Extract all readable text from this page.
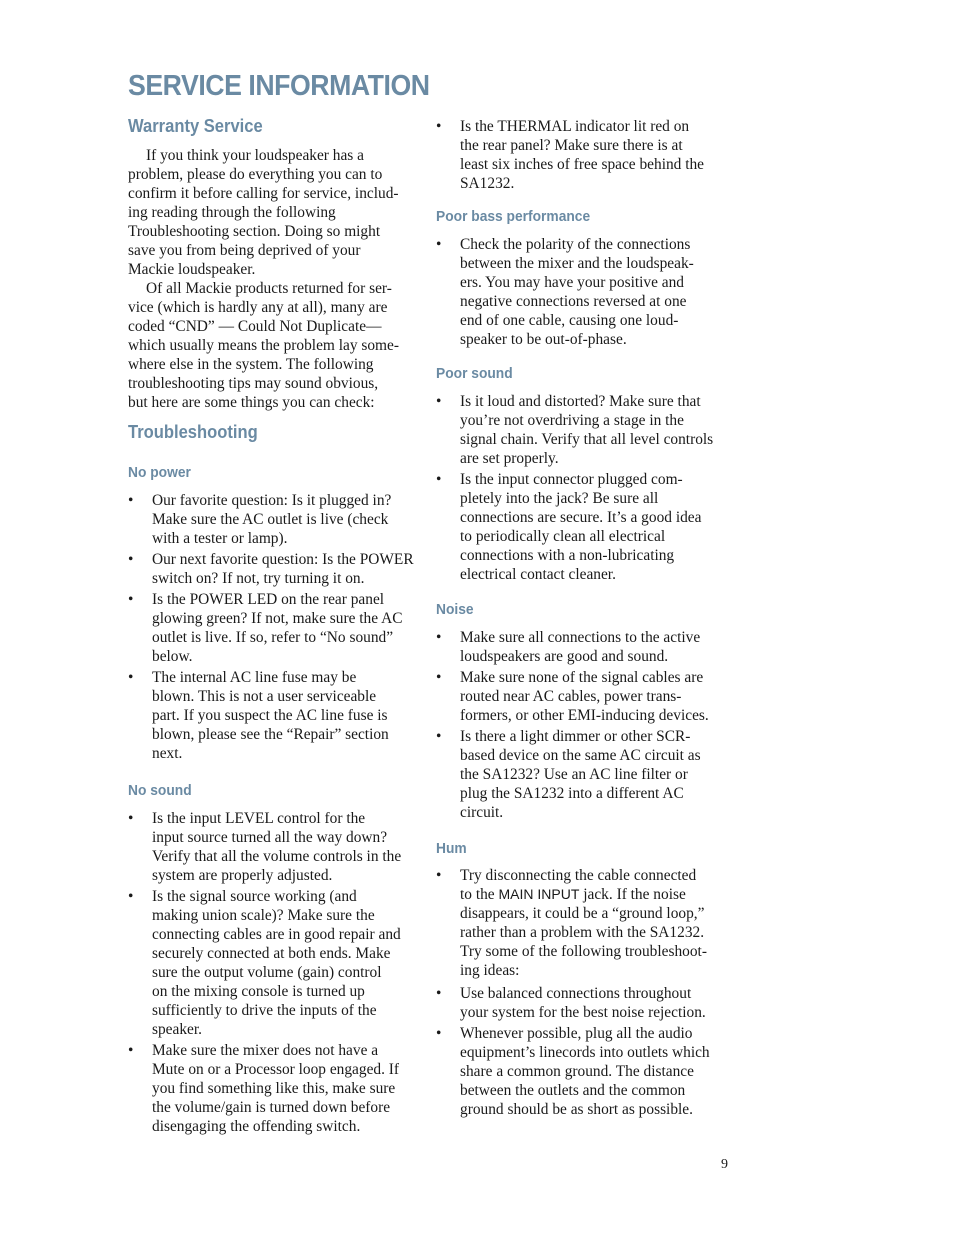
SERVICE INFORMATION
Warranty Service

If you think your loudspeaker has a
problem, please do everything you can to
confirm it before calling for service, includ-
ing reading through the following
Troubleshooting section. Doing so might
save you from being deprived of your
Mackie loudspeaker.

Of all Mackie products returned for ser-
vice (which is hardly any at all), many are
coded “CND” — Could Not Duplicate—
which usually means the problem lay some-
where else in the system. The following
troubleshooting tips may sound obvious,
but here are some things you can check:

Troubleshooting
No power
• Our favorite question: Is it plugged in?
Make sure the AC outlet is live (check
with a tester or lamp).
• Our next favorite question: Is the POWER
switch on? If not, try turning it on.
• Is the POWER LED on the rear panel
glowing green? If not, make sure the AC
outlet is live. If so, refer to “No sound”
below.
• The internal AC line fuse may be
blown. This is not a user serviceable
part. If you suspect the AC line fuse is
blown, please see the “Repair” section
next.
No sound
• Is the input LEVEL control for the
input source turned all the way down?
Verify that all the volume controls in the
system are properly adjusted.
• Is the signal source working (and
making union scale)? Make sure the
connecting cables are in good repair and
securely connected at both ends. Make
sure the output volume (gain) control
on the mixing console is turned up
sufficiently to drive the inputs of the
speaker.
• Make sure the mixer does not have a
Mute on or a Processor loop engaged. If
you find something like this, make sure
the volume/gain is turned down before
disengaging the offending switch.
• Is the THERMAL indicator lit red on
the rear panel? Make sure there is at
least six inches of free space behind the
SA1232.
Poor bass performance
• Check the polarity of the connections
between the mixer and the loudspeak-
ers. You may have your positive and
negative connections reversed at one
end of one cable, causing one loud-
speaker to be out-of-phase.
Poor sound
• Is it loud and distorted? Make sure that
you’re not overdriving a stage in the
signal chain. Verify that all level controls
are set properly.
• Is the input connector plugged com-
pletely into the jack? Be sure all
connections are secure. It’s a good idea
to periodically clean all electrical
connections with a non-lubricating
electrical contact cleaner.
Noise
• Make sure all connections to the active
loudspeakers are good and sound.
• Make sure none of the signal cables are
routed near AC cables, power trans-
formers, or other EMI-inducing devices.
• Is there a light dimmer or other SCR-
based device on the same AC circuit as
the SA1232? Use an AC line filter or
plug the SA1232 into a different AC
circuit.
Hum
• Try disconnecting the cable connected
to the MAIN INPUT jack. If the noise
disappears, it could be a “ground loop,”
rather than a problem with the SA1232.
Try some of the following troubleshoot-
ing ideas:
• Use balanced connections throughout
your system for the best noise rejection.
• Whenever possible, plug all the audio
equipment’s linecords into outlets which
share a common ground. The distance
between the outlets and the common
ground should be as short as possible.
9
